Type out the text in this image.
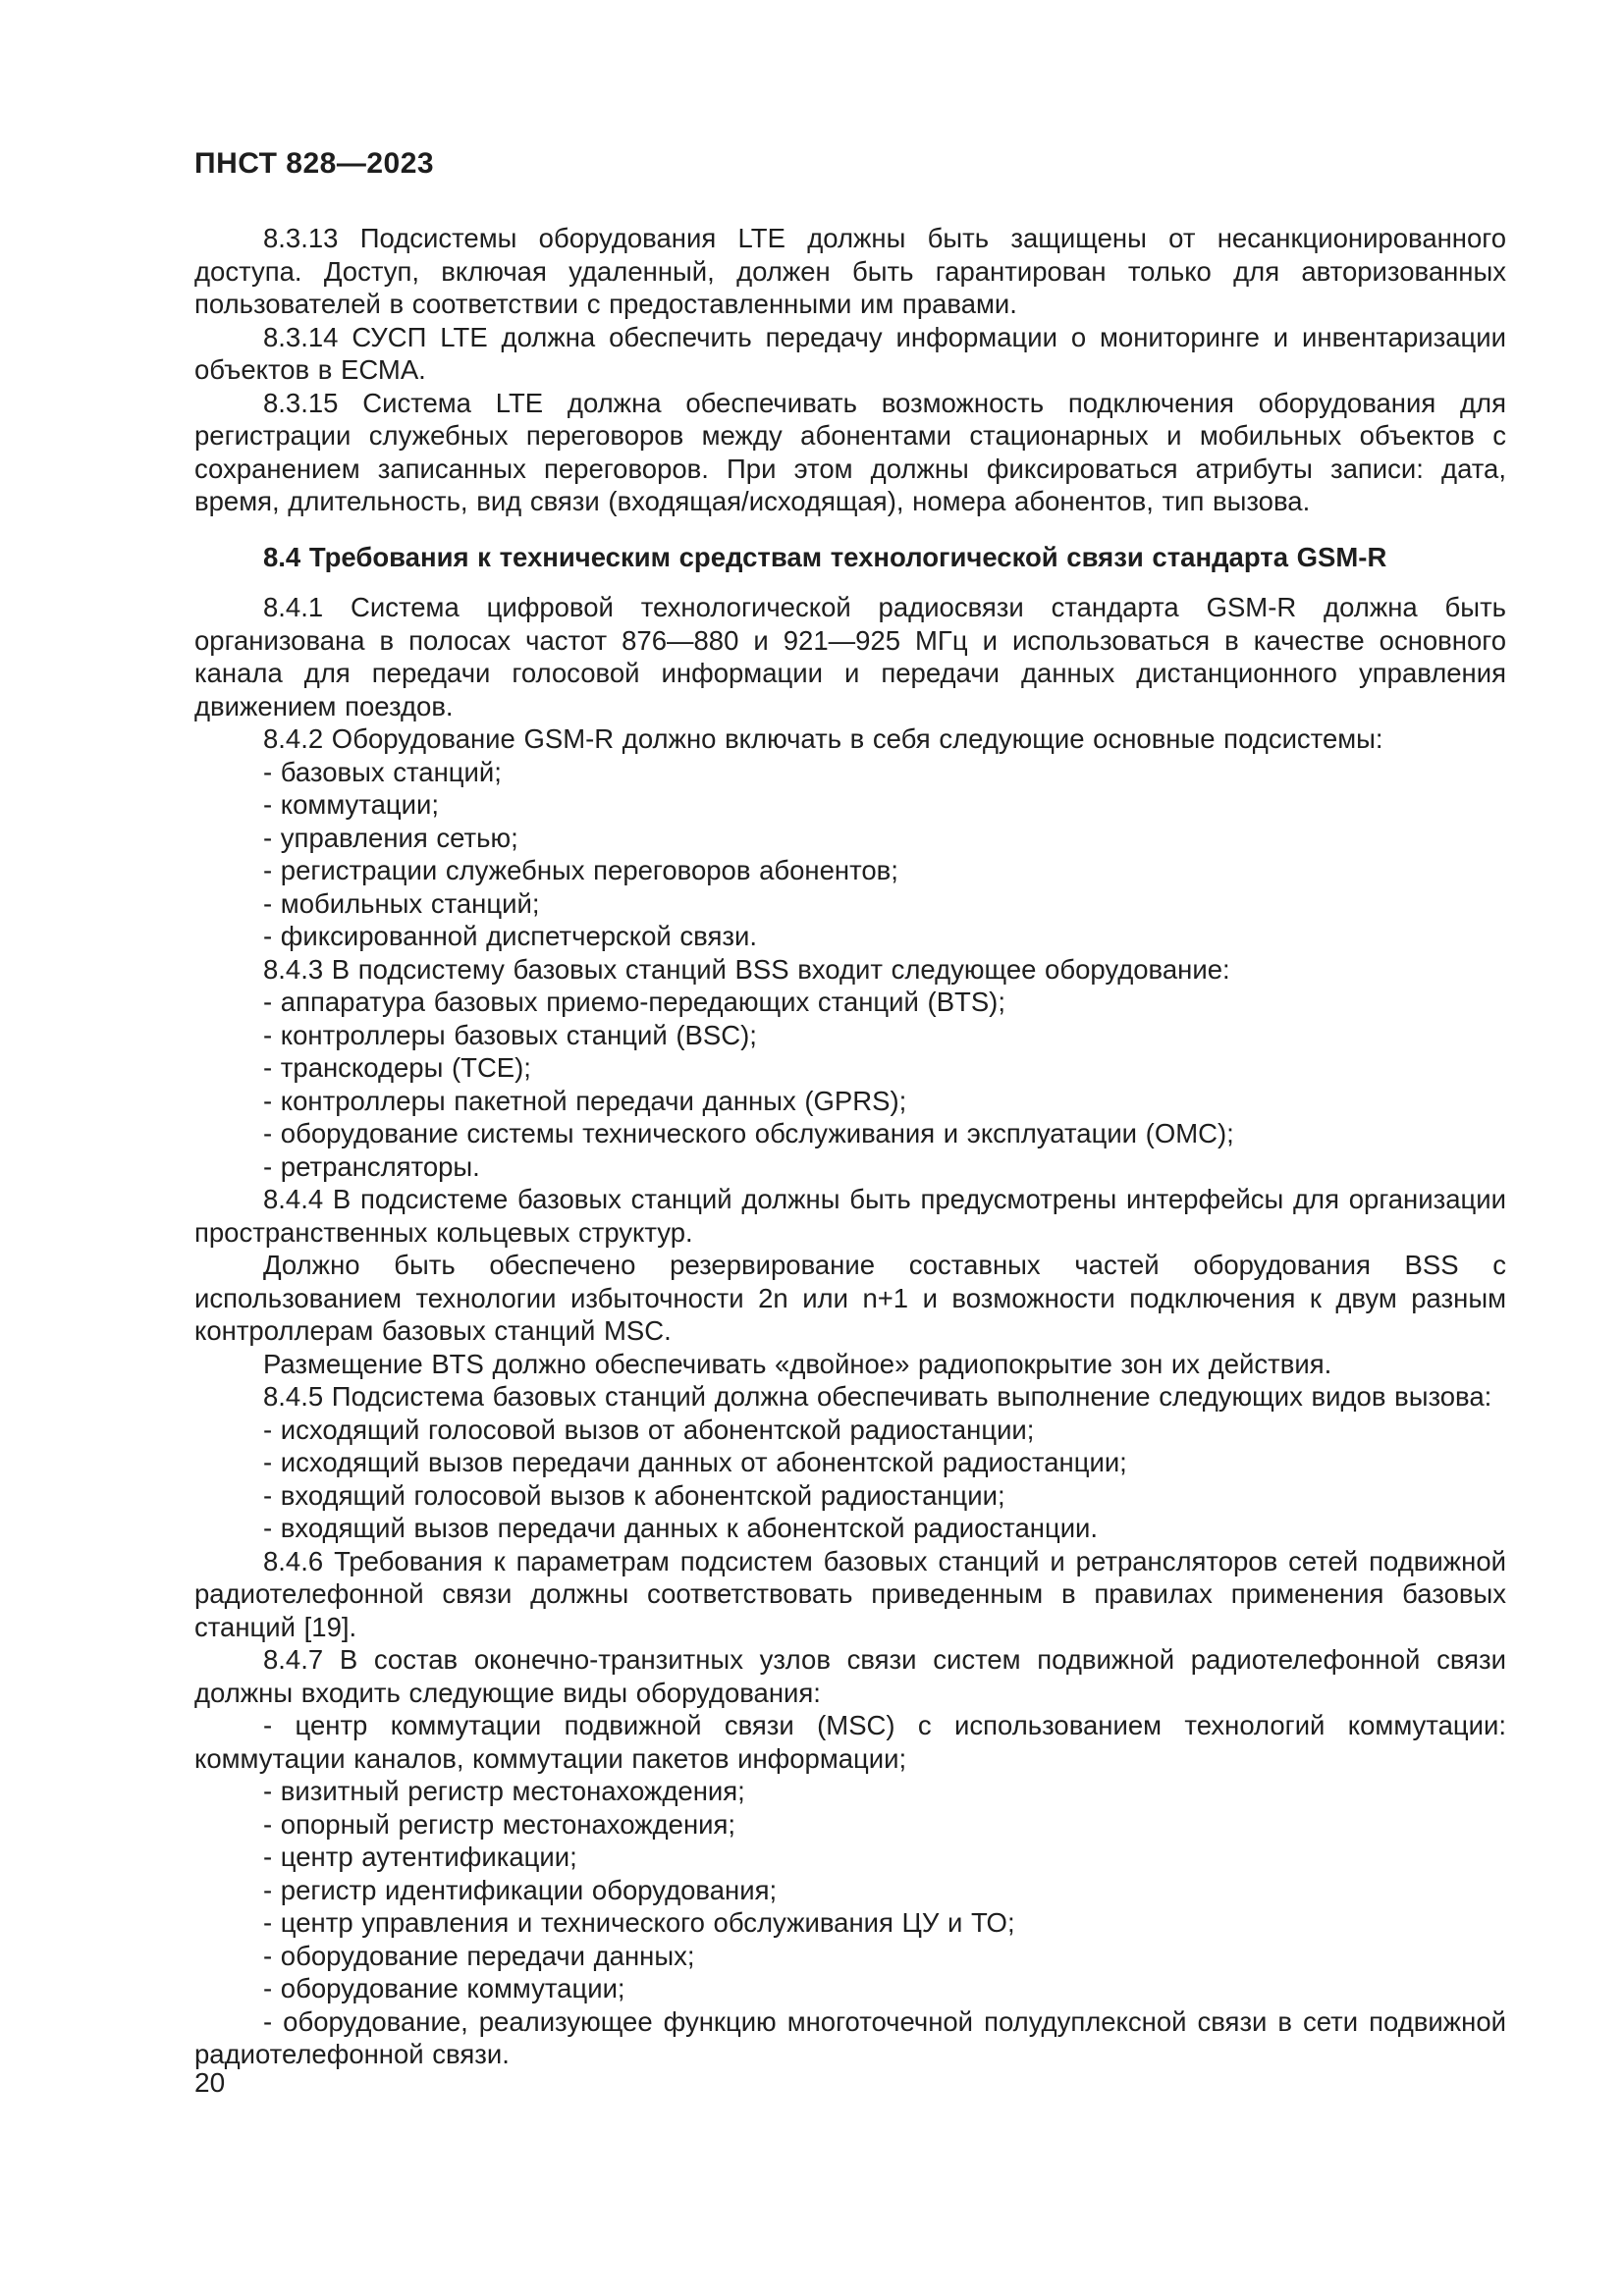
ПНСТ 828—2023

8.3.13 Подсистемы оборудования LTE должны быть защищены от несанкционированного доступа. Доступ, включая удаленный, должен быть гарантирован только для авторизованных пользователей в соответствии с предоставленными им правами.

8.3.14 СУСП LTE должна обеспечить передачу информации о мониторинге и инвентаризации объектов в ЕСМА.

8.3.15 Система LTE должна обеспечивать возможность подключения оборудования для регистрации служебных переговоров между абонентами стационарных и мобильных объектов с сохранением записанных переговоров. При этом должны фиксироваться атрибуты записи: дата, время, длительность, вид связи (входящая/исходящая), номера абонентов, тип вызова.

8.4 Требования к техническим средствам технологической связи стандарта GSM-R

8.4.1 Система цифровой технологической радиосвязи стандарта GSM-R должна быть организована в полосах частот 876—880 и 921—925 МГц и использоваться в качестве основного канала для передачи голосовой информации и передачи данных дистанционного управления движением поездов.

8.4.2 Оборудование GSM-R должно включать в себя следующие основные подсистемы:

- базовых станций;

- коммутации;

- управления сетью;

- регистрации служебных переговоров абонентов;

- мобильных станций;

- фиксированной диспетчерской связи.

8.4.3 В подсистему базовых станций BSS входит следующее оборудование:

- аппаратура базовых приемо-передающих станций (BTS);

- контроллеры базовых станций (BSC);

- транскодеры (TCE);

- контроллеры пакетной передачи данных (GPRS);

- оборудование системы технического обслуживания и эксплуатации (OMC);

- ретрансляторы.

8.4.4 В подсистеме базовых станций должны быть предусмотрены интерфейсы для организации пространственных кольцевых структур.

Должно быть обеспечено резервирование составных частей оборудования BSS с использованием технологии избыточности 2n или n+1 и возможности подключения к двум разным контроллерам базовых станций MSC.

Размещение BTS должно обеспечивать «двойное» радиопокрытие зон их действия.

8.4.5 Подсистема базовых станций должна обеспечивать выполнение следующих видов вызова:

- исходящий голосовой вызов от абонентской радиостанции;

- исходящий вызов передачи данных от абонентской радиостанции;

- входящий голосовой вызов к абонентской радиостанции;

- входящий вызов передачи данных к абонентской радиостанции.

8.4.6 Требования к параметрам подсистем базовых станций и ретрансляторов сетей подвижной радиотелефонной связи должны соответствовать приведенным в правилах применения базовых станций [19].

8.4.7 В состав оконечно-транзитных узлов связи систем подвижной радиотелефонной связи должны входить следующие виды оборудования:

- центр коммутации подвижной связи (MSC) с использованием технологий коммутации: коммутации каналов, коммутации пакетов информации;

- визитный регистр местонахождения;

- опорный регистр местонахождения;

- центр аутентификации;

- регистр идентификации оборудования;

- центр управления и технического обслуживания ЦУ и ТО;

- оборудование передачи данных;

- оборудование коммутации;

- оборудование, реализующее функцию многоточечной полудуплексной связи в сети подвижной радиотелефонной связи.

20
